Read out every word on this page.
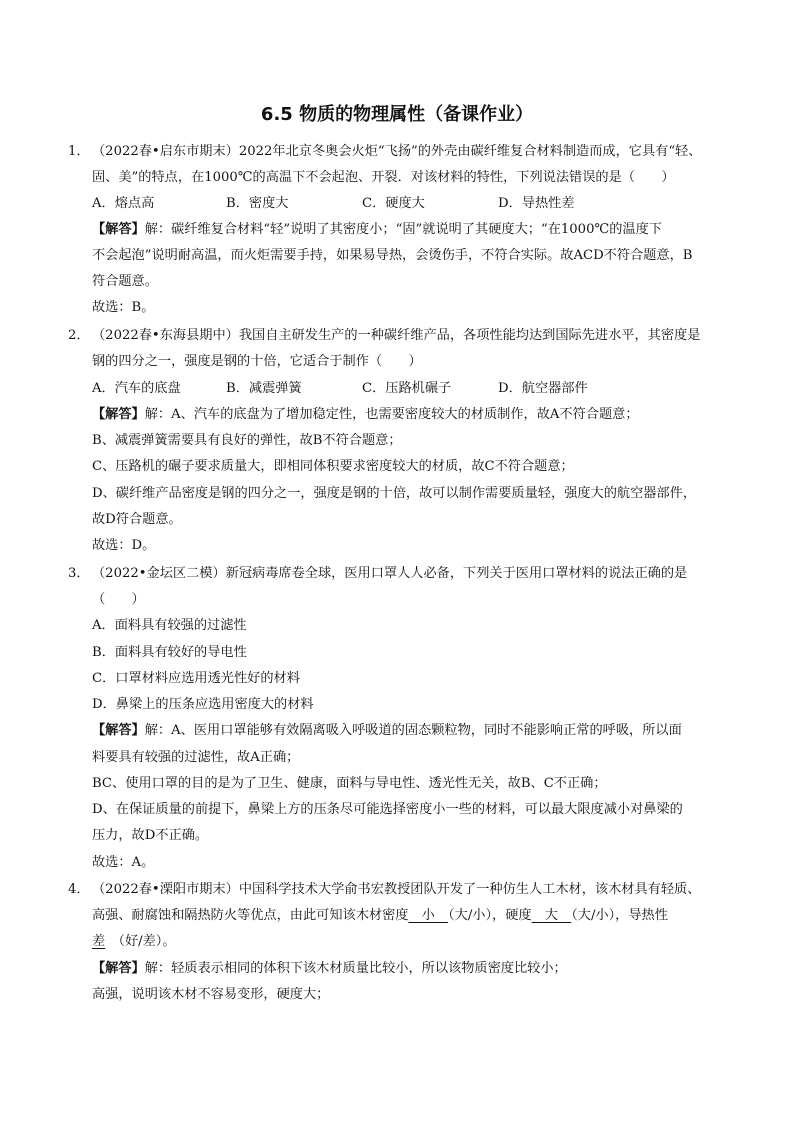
6.5 物质的物理属性（备课作业）
1． （2022春•启东市期末）2022年北京冬奥会火炬“飞扬”的外壳由碳纤维复合材料制造而成，它具有“轻、
固、美”的特点，在1000℃的高温下不会起泡、开裂．对该材料的特性，下列说法错误的是（　　）
A．熔点高	B．密度大	C．硬度大	D．导热性差
【解答】解：碳纤维复合材料“轻”说明了其密度小；“固”就说明了其硬度大；“在1000℃的温度下
不会起泡”说明耐高温，而火炬需要手持，如果易导热，会烫伤手，不符合实际。故ACD不符合题意，B
符合题意。
故选：B。
2． （2022春•东海县期中）我国自主研发生产的一种碳纤维产品，各项性能均达到国际先进水平，其密度是
钢的四分之一，强度是钢的十倍，它适合于制作（　　）
A．汽车的底盘	B．减震弹簧	C．压路机碾子	D．航空器部件
【解答】解：A、汽车的底盘为了增加稳定性，也需要密度较大的材质制作，故A不符合题意；
B、减震弹簧需要具有良好的弹性，故B不符合题意；
C、压路机的碾子要求质量大，即相同体积要求密度较大的材质，故C不符合题意；
D、碳纤维产品密度是钢的四分之一，强度是钢的十倍，故可以制作需要质量轻，强度大的航空器部件，
故D符合题意。
故选：D。
3． （2022•金坛区二模）新冠病毒席卷全球，医用口罩人人必备，下列关于医用口罩材料的说法正确的是
（　　）
A．面料具有较强的过滤性
B．面料具有较好的导电性
C．口罩材料应选用透光性好的材料
D．鼻梁上的压条应选用密度大的材料
【解答】解：A、医用口罩能够有效隔离吸入呼吸道的固态颗粒物，同时不能影响正常的呼吸，所以面
料要具有较强的过滤性，故A正确；
BC、使用口罩的目的是为了卫生、健康，面料与导电性、透光性无关，故B、C不正确；
D、在保证质量的前提下，鼻梁上方的压条尽可能选择密度小一些的材料，可以最大限度减小对鼻梁的
压力，故D不正确。
故选：A。
4． （2022春•溧阳市期末）中国科学技术大学俞书宏教授团队开发了一种仿生人工木材，该木材具有轻质、
高强、耐腐蚀和隔热防火等优点，由此可知该木材密度　小　（大/小），硬度　大　（大/小），导热性
差　（好/差）。
【解答】解：轻质表示相同的体积下该木材质量比较小，所以该物质密度比较小；
高强，说明该木材不容易变形，硬度大；
